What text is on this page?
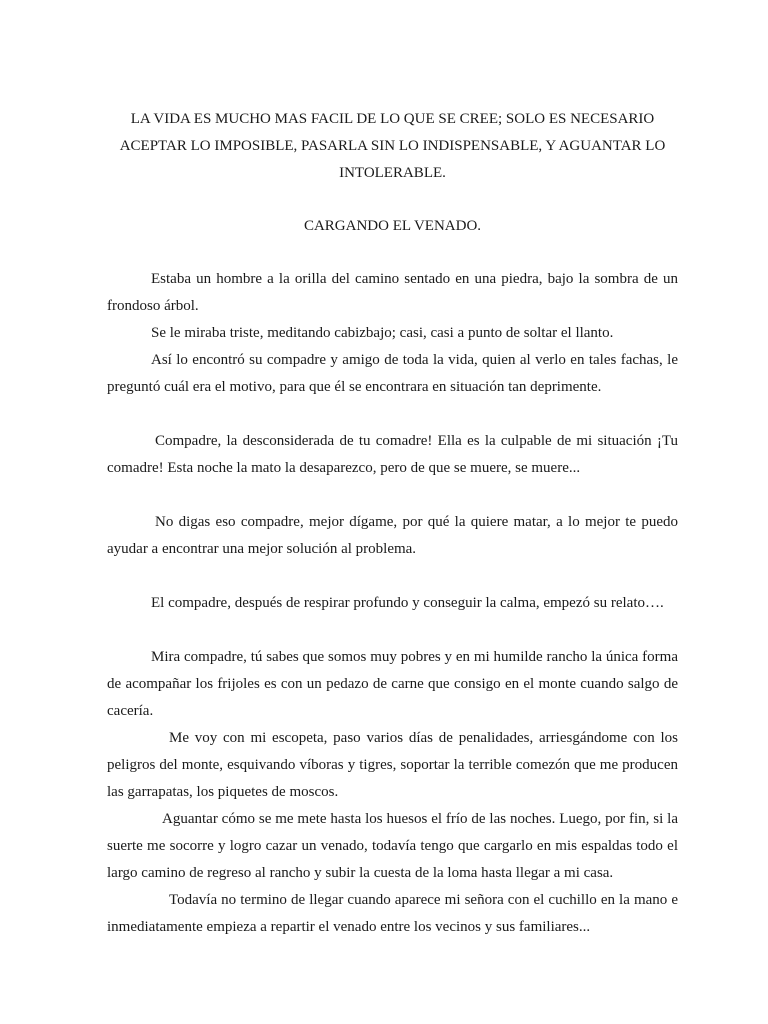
LA VIDA ES MUCHO MAS FACIL DE LO QUE SE CREE; SOLO ES NECESARIO ACEPTAR LO IMPOSIBLE, PASARLA SIN LO INDISPENSABLE, Y AGUANTAR LO INTOLERABLE.
CARGANDO EL VENADO.

Estaba un hombre a la orilla del camino sentado en una piedra, bajo la sombra de un frondoso árbol.

Se le miraba triste, meditando cabizbajo; casi, casi a punto de soltar el llanto.

Así lo encontró su compadre y amigo de toda la vida, quien al verlo en tales fachas, le preguntó cuál era el motivo, para que él se encontrara en situación tan deprimente.

Compadre, la desconsiderada de tu comadre! Ella es la culpable de mi situación ¡Tu comadre! Esta noche la mato la desaparezco, pero de que se muere, se muere...

No digas eso compadre, mejor dígame, por qué la quiere matar, a lo mejor te puedo ayudar a encontrar una mejor solución al problema.

El compadre, después de respirar profundo y conseguir la calma, empezó su relato….

Mira compadre, tú sabes que somos muy pobres y en mi humilde rancho la única forma de acompañar los frijoles es con un pedazo de carne que consigo en el monte cuando salgo de cacería.

Me voy con mi escopeta, paso varios días de penalidades, arriesgándome con los peligros del monte, esquivando víboras y tigres, soportar la terrible comezón que me producen las garrapatas, los piquetes de moscos.

Aguantar cómo se me mete hasta los huesos el frío de las noches. Luego, por fin, si la suerte me socorre y logro cazar un venado, todavía tengo que cargarlo en mis espaldas todo el largo camino de regreso al rancho y subir la cuesta de la loma hasta llegar a mi casa.

Todavía no termino de llegar cuando aparece mi señora con el cuchillo en la mano e inmediatamente empieza a repartir el venado entre los vecinos y sus familiares...
